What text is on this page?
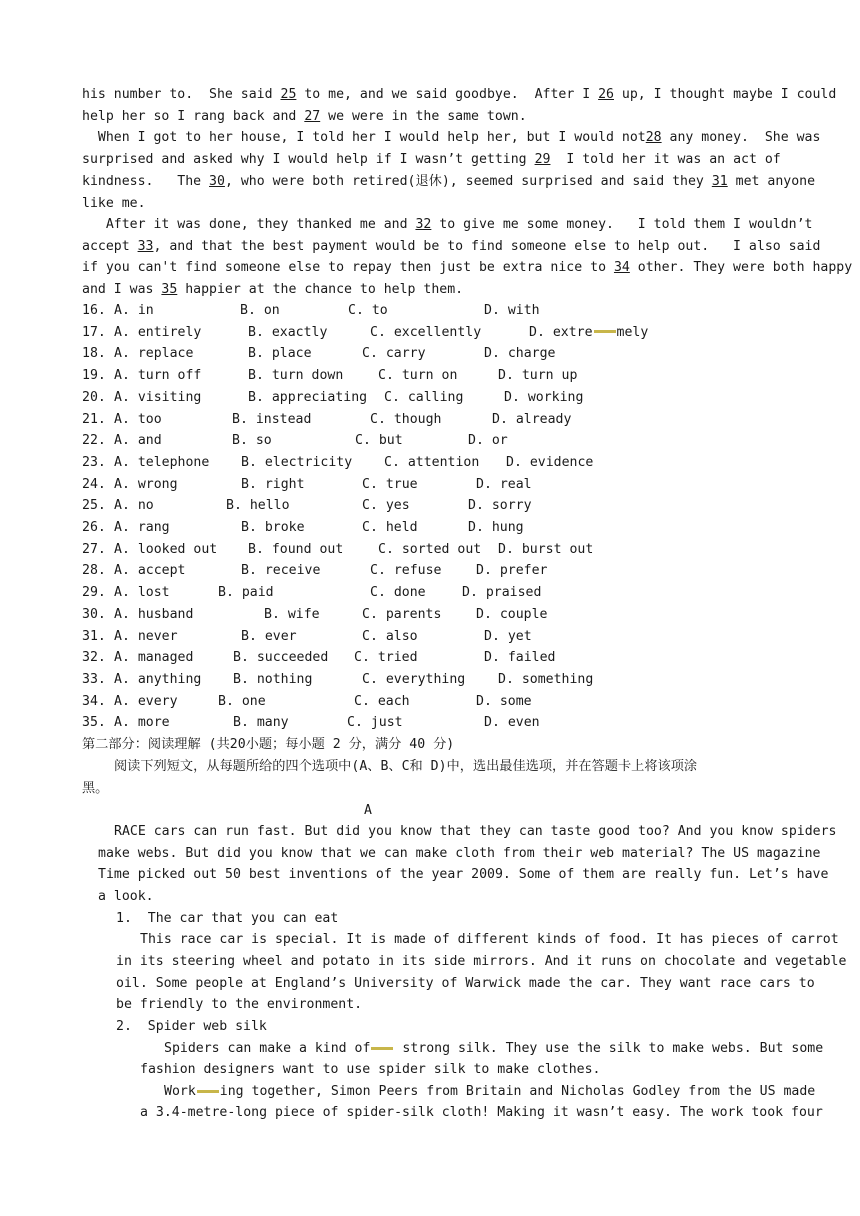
his number to.  She said 25 to me, and we said goodbye.  After I 26 up, I thought maybe I could
help her so I rang back and 27 we were in the same town.
When I got to her house, I told her I would help her, but I would not28 any money.  She was
surprised and asked why I would help if I wasn’t getting 29  I told her it was an act of
kindness.   The 30, who were both retired(退休), seemed surprised and said they 31 met anyone
like me.
After it was done, they thanked me and 32 to give me some money.   I told them I wouldn’t
accept 33, and that the best payment would be to find someone else to help out.   I also said
if you can't find someone else to repay then just be extra nice to 34 other. They were both happy
and I was 35 happier at the chance to help them.
16. A. in	B. on	C. to	D. with
17. A. entirely	B. exactly	C. excellently	D. extre mely
18. A. replace	B. place	C. carry	D. charge
19. A. turn off	B. turn down	C. turn on	D. turn up
20. A. visiting	B. appreciating C. calling	D. working
21. A. too	B. instead	C. though	D. already
22. A. and	B. so	C. but	D. or
23. A. telephone B. electricity C. attention D. evidence
24. A. wrong	B. right	C. true	D. real
25. A. no	B. hello	C. yes	D. sorry
26. A. rang	B. broke	C. held	D. hung
27. A. looked out B. found out	C. sorted out D. burst out
28. A. accept	B. receive	C. refuse	D. prefer
29. A. lost	B. paid	C. done	D. praised
30. A. husband	B. wife	C. parents	D. couple
31. A. never	B. ever	C. also	D. yet
32. A. managed	B. succeeded C. tried	D. failed
33. A. anything B. nothing	C. everything D. something
34. A. every	B. one	C. each	D. some
35. A. more	B. many	C. just	D. even
第二部分：阅读理解 (共20小题；每小题 2 分，满分 40 分)
阅读下列短文，从每题所给的四个选项中(A、B、C和 D)中，选出最佳选项，并在答题卡上将该项涂
黑。
A
RACE cars can run fast. But did you know that they can taste good too? And you know spiders
make webs. But did you know that we can make cloth from their web material? The US magazine
Time picked out 50 best inventions of the year 2009. Some of them are really fun. Let’s have
a look.
1.  The car that you can eat
This race car is special. It is made of different kinds of food. It has pieces of carrot
in its steering wheel and potato in its side mirrors. And it runs on chocolate and vegetable
oil. Some people at England’s University of Warwick made the car. They want race cars to
be friendly to the environment.
2.  Spider web silk
Spiders can make a kind of strong silk. They use the silk to make webs. But some
fashion designers want to use spider silk to make clothes.
Work ing together, Simon Peers from Britain and Nicholas Godley from the US made
a 3.4-metre-long piece of spider-silk cloth! Making it wasn’t easy. The work took four
